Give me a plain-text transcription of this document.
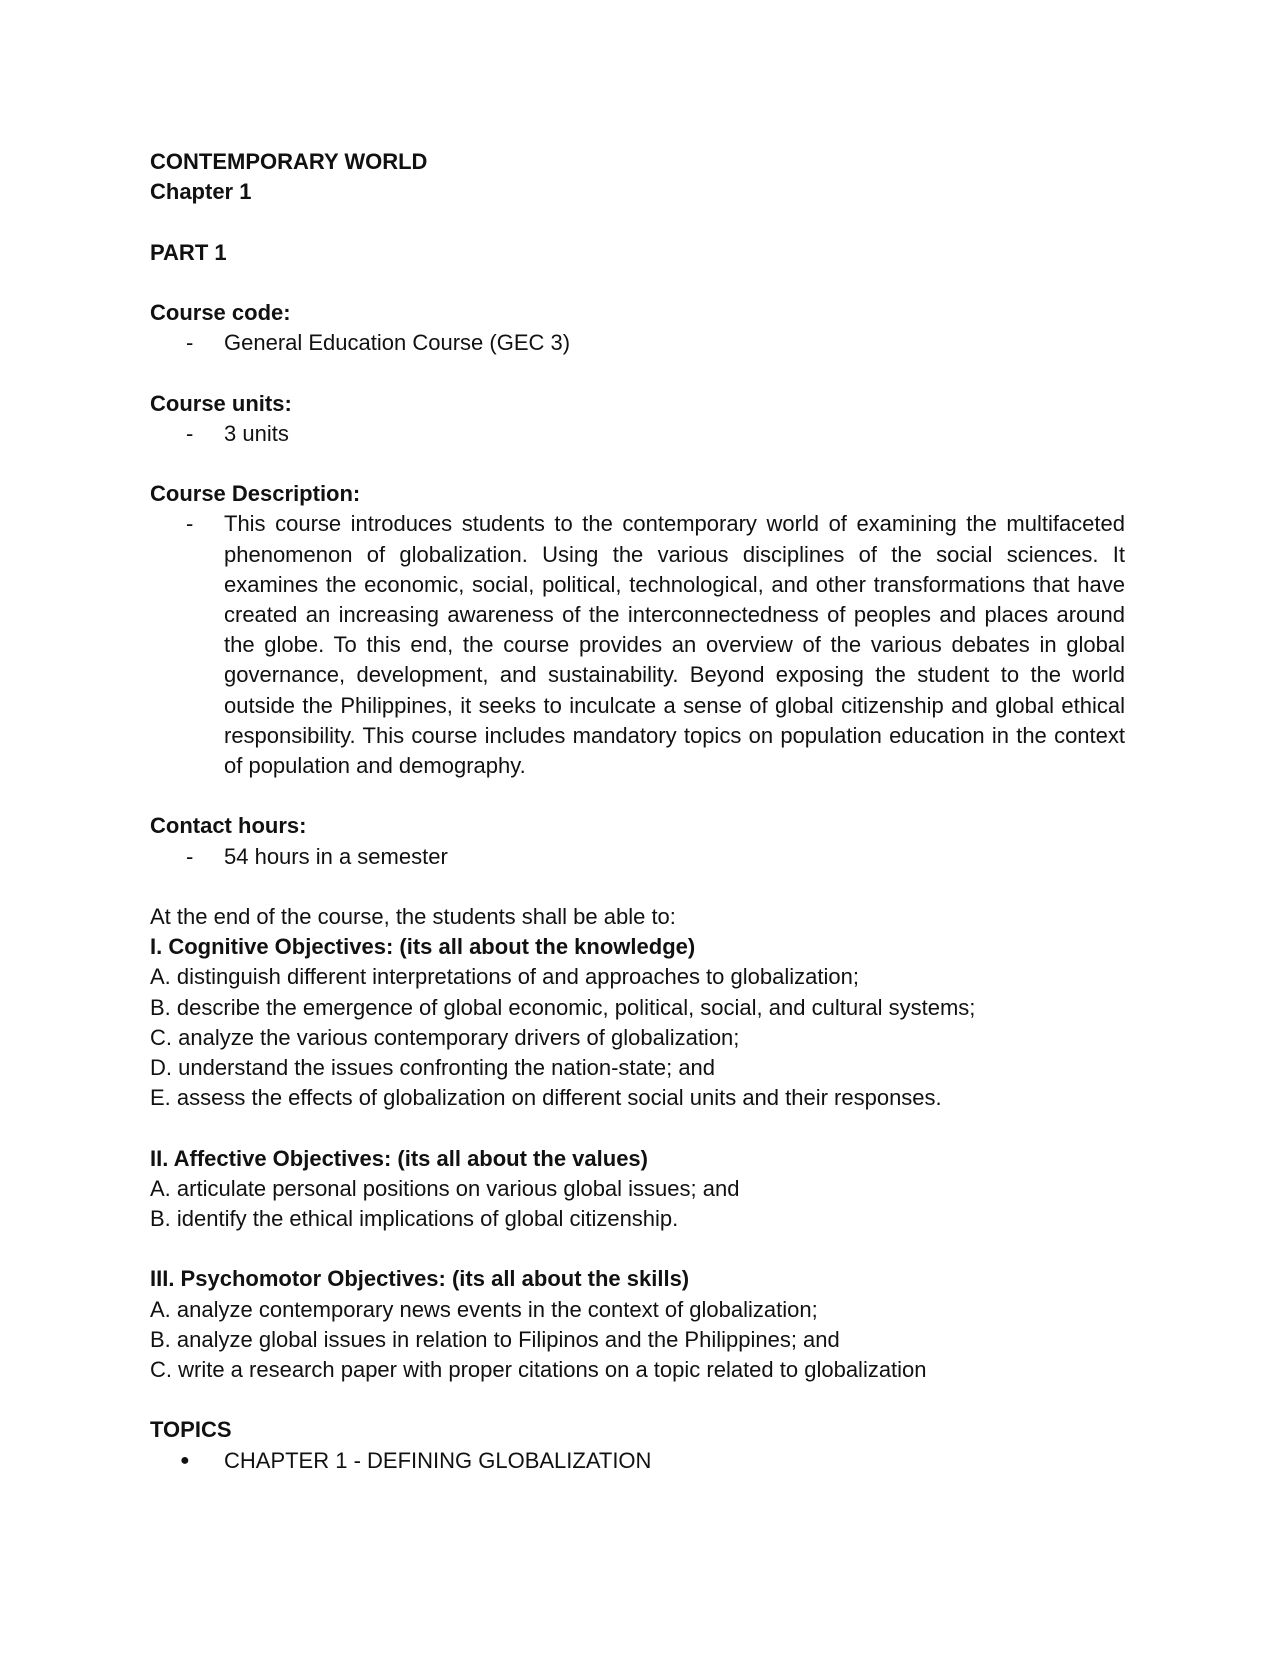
CONTEMPORARY WORLD
Chapter 1
PART 1
Course code:
-	General Education Course (GEC 3)
Course units:
-	3 units
Course Description:
-	This course introduces students to the contemporary world of examining the multifaceted phenomenon of globalization. Using the various disciplines of the social sciences. It examines the economic, social, political, technological, and other transformations that have created an increasing awareness of the interconnectedness of peoples and places around the globe. To this end, the course provides an overview of the various debates in global governance, development, and sustainability. Beyond exposing the student to the world outside the Philippines, it seeks to inculcate a sense of global citizenship and global ethical responsibility. This course includes mandatory topics on population education in the context of population and demography.
Contact hours:
-	54 hours in a semester
At the end of the course, the students shall be able to:
I. Cognitive Objectives: (its all about the knowledge)
A. distinguish different interpretations of and approaches to globalization;
B. describe the emergence of global economic, political, social, and cultural systems;
C. analyze the various contemporary drivers of globalization;
D. understand the issues confronting the nation-state; and
E. assess the effects of globalization on different social units and their responses.
II. Affective Objectives: (its all about the values)
A. articulate personal positions on various global issues; and
B. identify the ethical implications of global citizenship.
III. Psychomotor Objectives: (its all about the skills)
A. analyze contemporary news events in the context of globalization;
B. analyze global issues in relation to Filipinos and the Philippines; and
C. write a research paper with proper citations on a topic related to globalization
TOPICS
●	CHAPTER 1 - DEFINING GLOBALIZATION
